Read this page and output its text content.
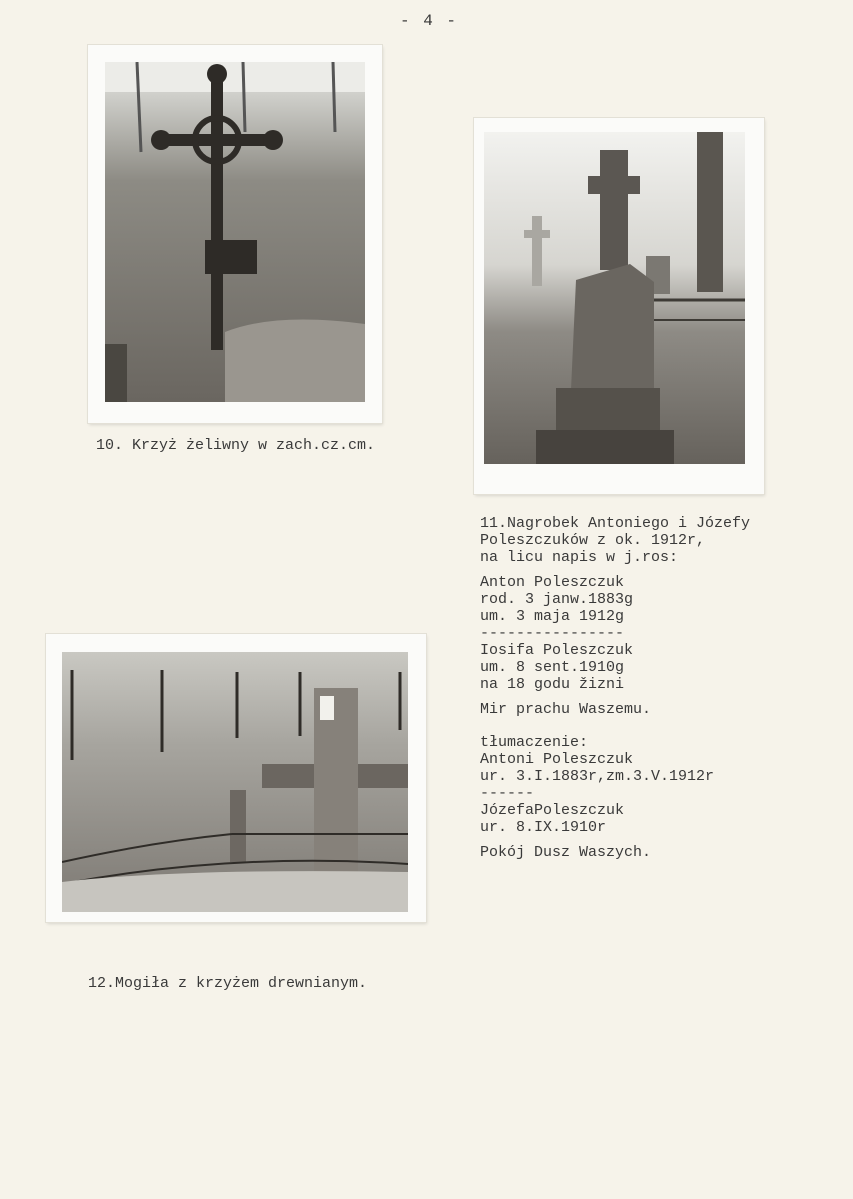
- 4 -
10. Krzyż żeliwny w zach.cz.cm.
11.Nagrobek Antoniego i Józefy
Poleszczuków z ok. 1912r,
na licu napis w j.ros:
Anton Poleszczuk
rod. 3 janw.1883g
um. 3 maja 1912g
----------------
Iosifa Poleszczuk
um. 8 sent.1910g
na 18 godu žizni
Mir prachu Waszemu.
tłumaczenie:
Antoni Poleszczuk
ur. 3.I.1883r,zm.3.V.1912r
------
JózefaPoleszczuk
ur. 8.IX.1910r
Pokój Dusz Waszych.
12.Mogiła z krzyżem drewnianym.
